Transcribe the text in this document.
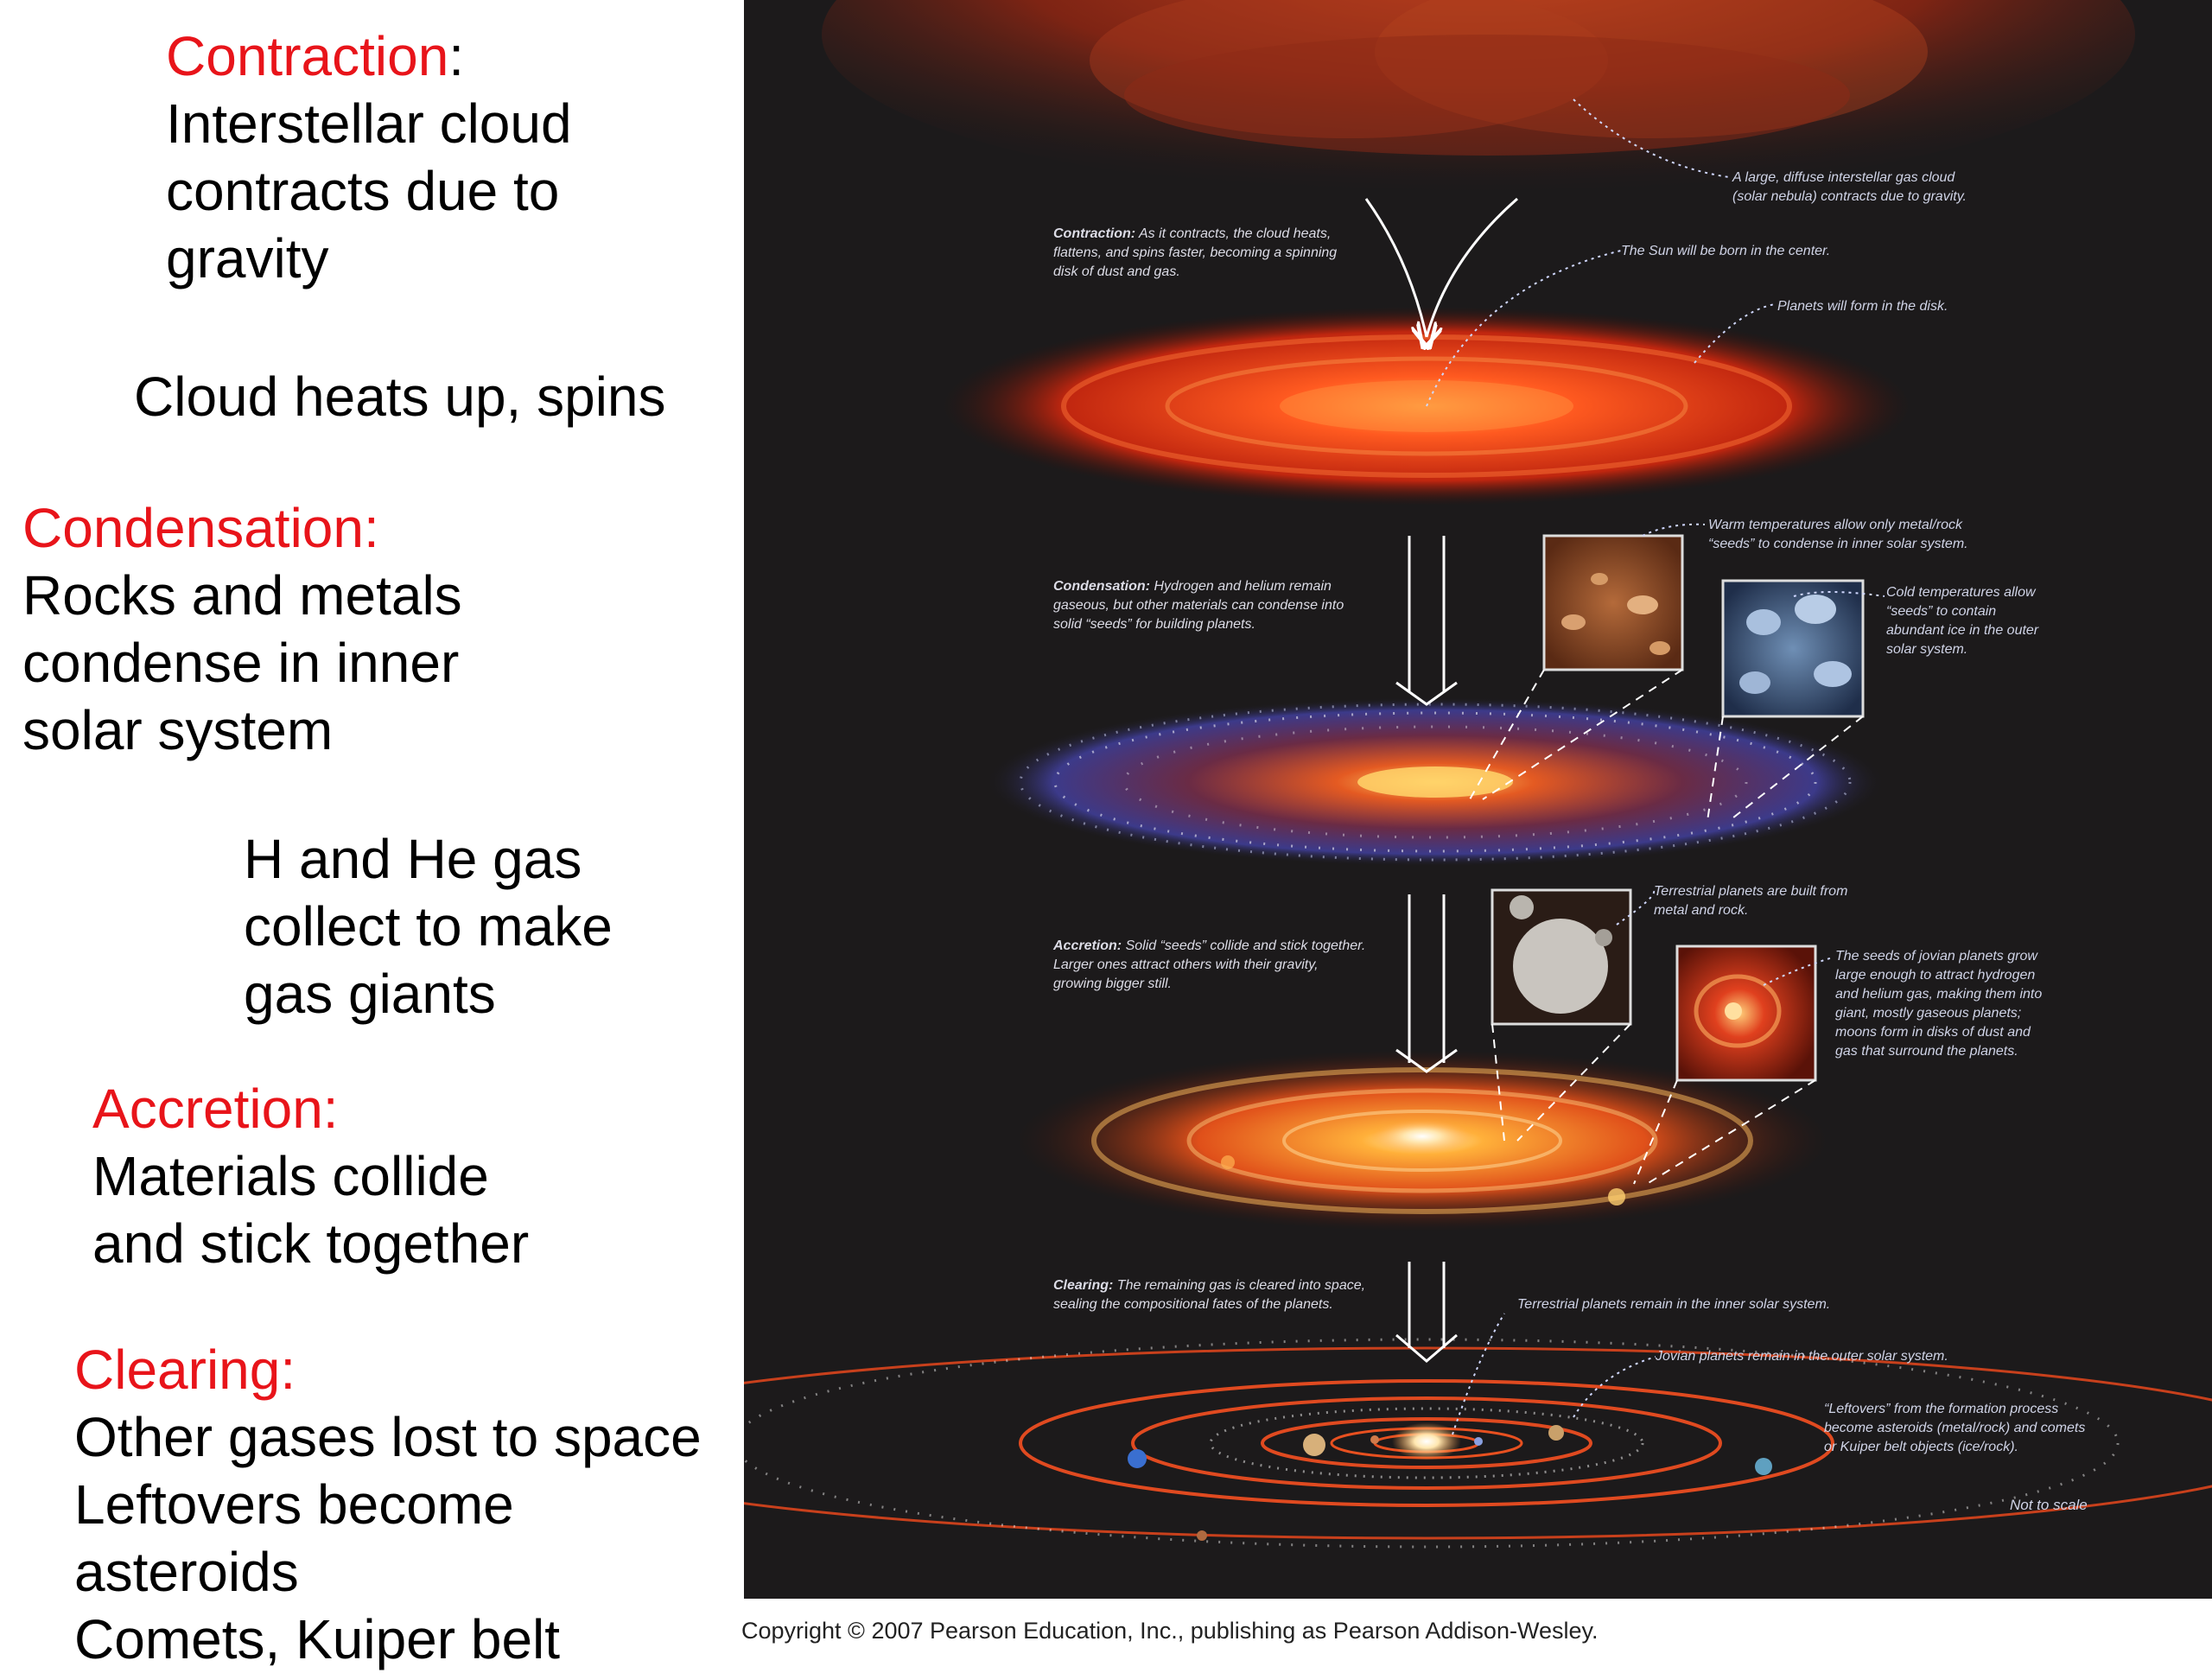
Contraction:
Interstellar cloud
contracts due to
gravity
Cloud heats up, spins
Condensation:
Rocks and metals
condense in inner
solar system
H and He gas
collect to make
gas giants
Accretion:
Materials collide
and stick together
Clearing:
Other gases lost to space
Leftovers become asteroids
Comets, Kuiper belt
Contraction: As it contracts, the cloud heats, flattens, and spins faster, becoming a spinning disk of dust and gas.
Condensation: Hydrogen and helium remain gaseous, but other materials can condense into solid “seeds” for building planets.
Accretion: Solid “seeds” collide and stick together. Larger ones attract others with their gravity, growing bigger still.
Clearing: The remaining gas is cleared into space, sealing the compositional fates of the planets.
A large, diffuse interstellar gas cloud (solar nebula) contracts due to gravity.
The Sun will be born in the center.
Planets will form in the disk.
Warm temperatures allow only metal/rock “seeds” to condense in inner solar system.
Cold temperatures allow “seeds” to contain abundant ice in the outer solar system.
Terrestrial planets are built from metal and rock.
The seeds of jovian planets grow large enough to attract hydrogen and helium gas, making them into giant, mostly gaseous planets; moons form in disks of dust and gas that surround the planets.
Terrestrial planets remain in the inner solar system.
Jovian planets remain in the outer solar system.
“Leftovers” from the formation process become asteroids (metal/rock) and comets or Kuiper belt objects (ice/rock).
Not to scale
Copyright © 2007 Pearson Education, Inc., publishing as Pearson Addison-Wesley.
